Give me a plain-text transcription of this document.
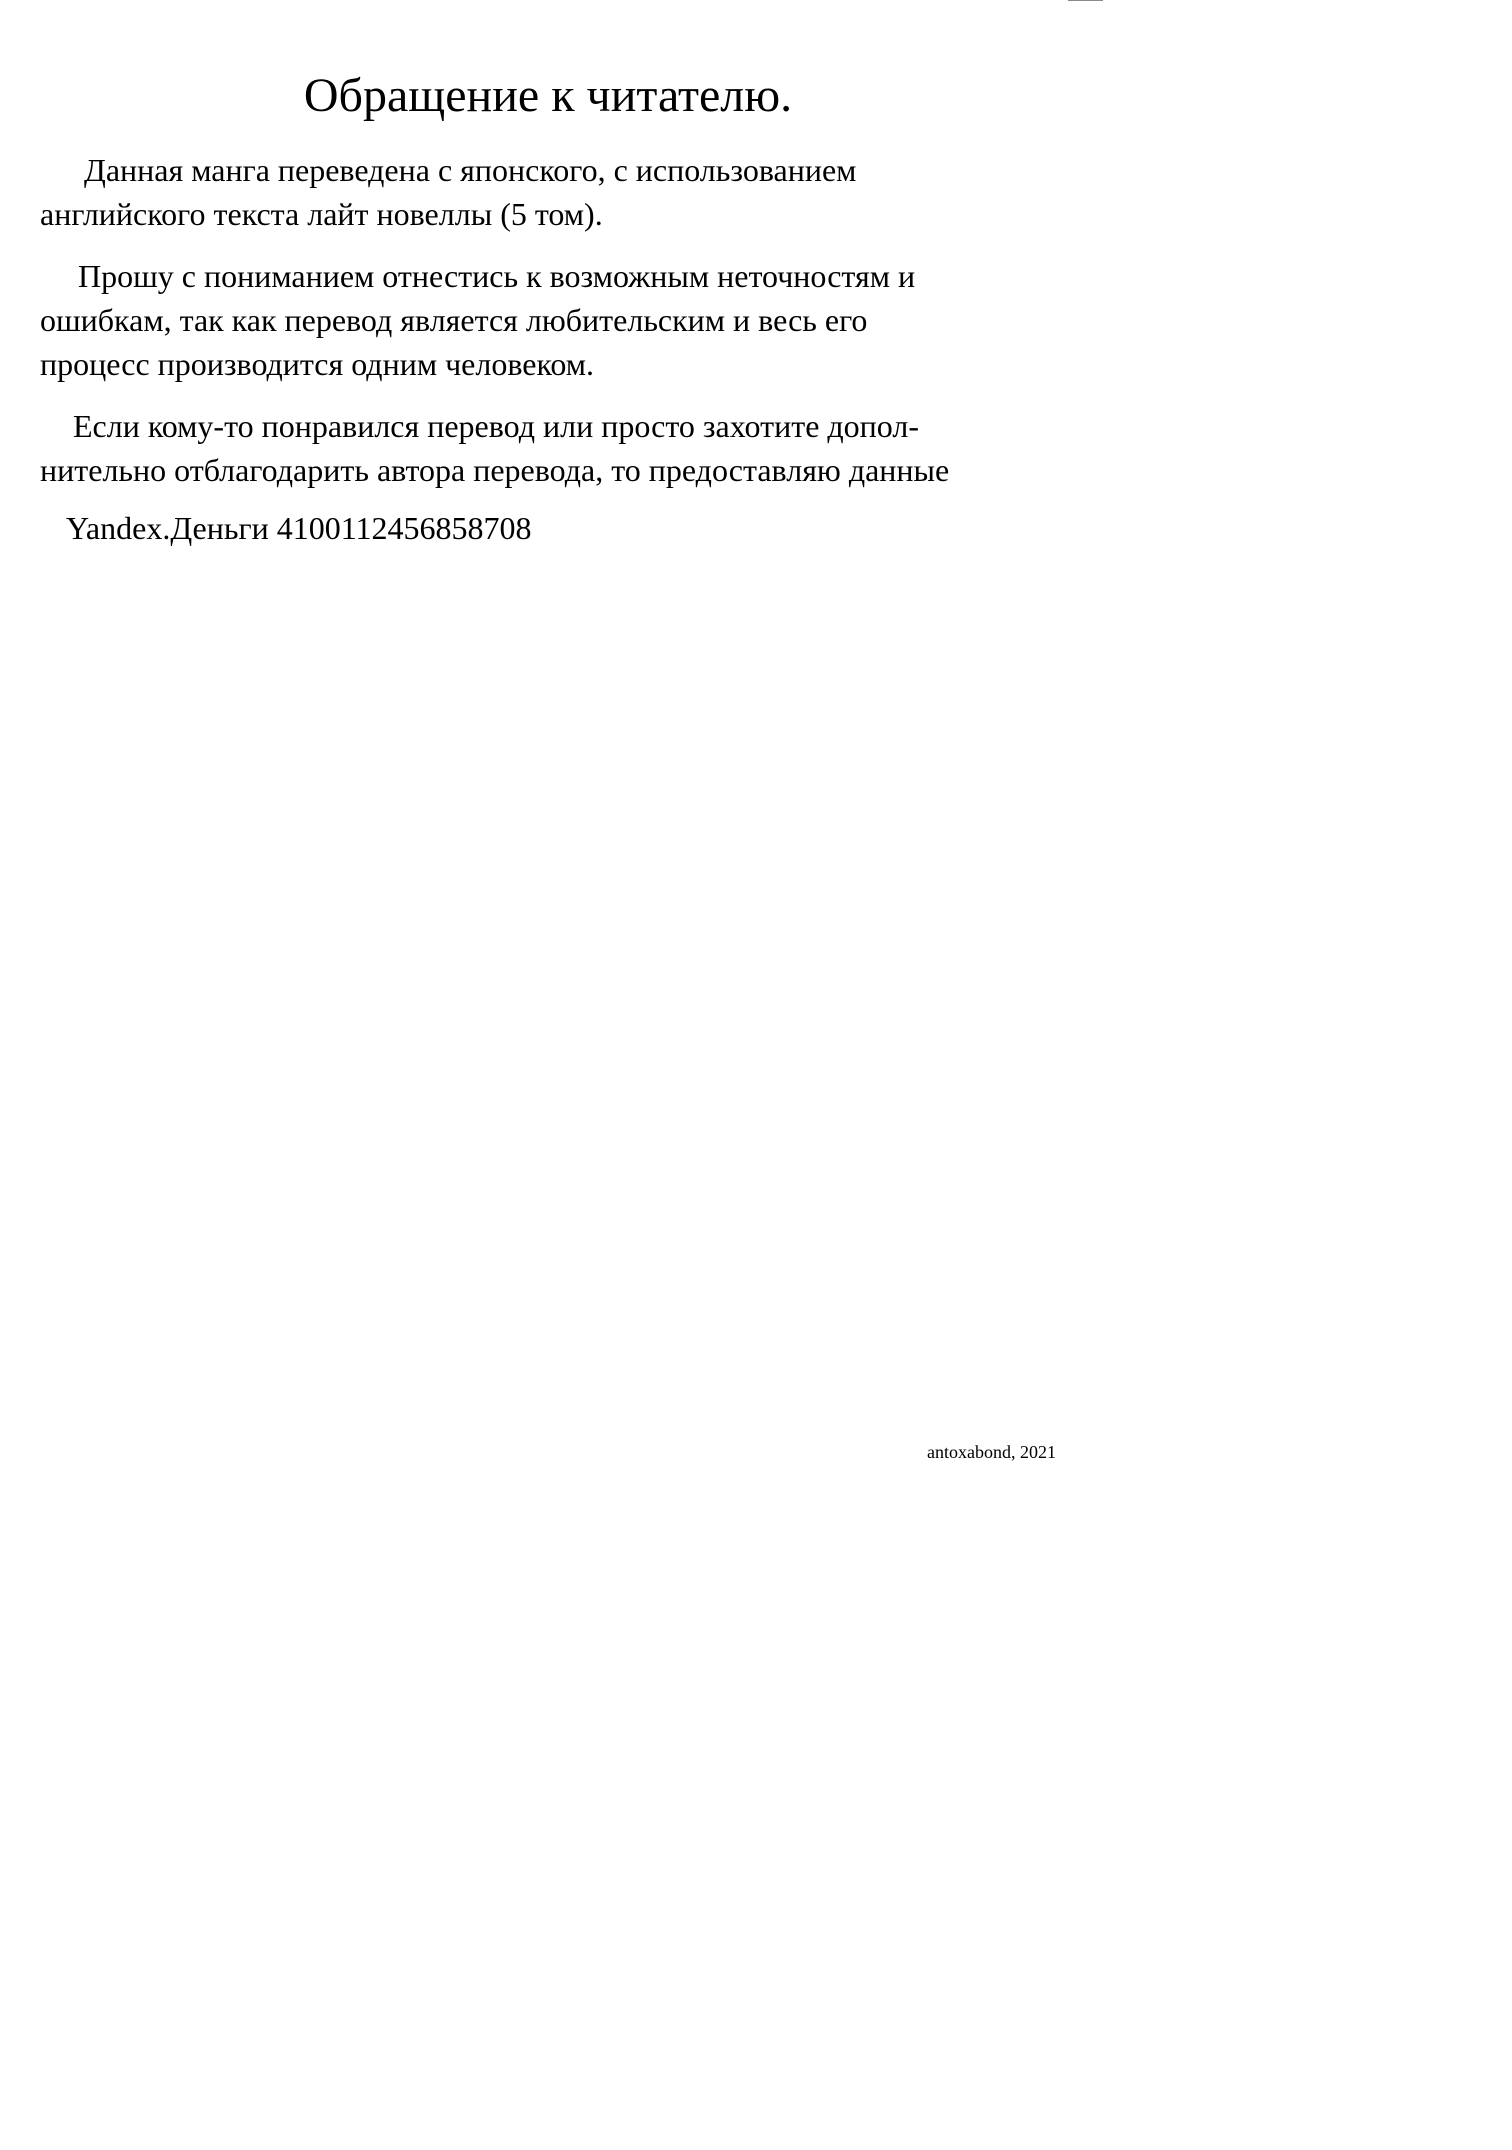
Обращение к читателю.

Данная манга переведена с японского, с использованием
английского текста лайт новеллы (5 том).

Прошу с пониманием отнестись к возможным неточностям и
ошибкам, так как перевод является любительским и весь его
процесс производится одним человеком.

Если кому-то понравился перевод или просто захотите допол-
нительно отблагодарить автора перевода, то предоставляю данные

Yandex.Деньги 4100112456858708

antoxabond, 2021
